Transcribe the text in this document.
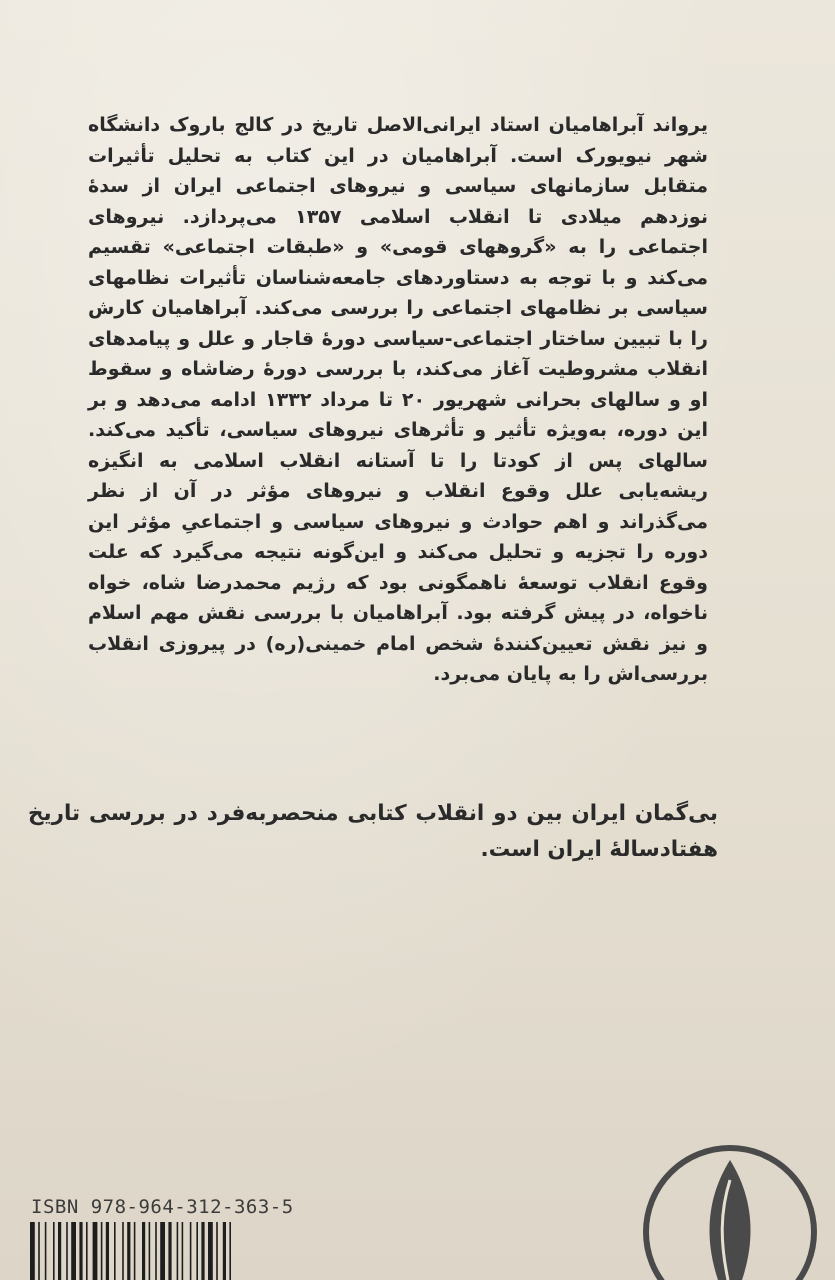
یرواند آبراهامیان استاد ایرانی‌الاصل تاریخ در کالج باروک دانشگاه شهر نیویورک است. آبراهامیان در این کتاب به تحلیل تأثیرات متقابل سازمانهای سیاسی و نیروهای اجتماعی ایران از سدهٔ نوزدهم میلادی تا انقلاب اسلامی ۱۳۵۷ می‌پردازد. نیروهای اجتماعی را به «گروههای قومی» و «طبقات اجتماعی» تقسیم می‌کند و با توجه به دستاوردهای جامعه‌شناسان تأثیرات نظامهای سیاسی بر نظامهای اجتماعی را بررسی می‌کند. آبراهامیان کارش را با تبیین ساختار اجتماعی-سیاسی دورهٔ قاجار و علل و پیامدهای انقلاب مشروطیت آغاز می‌کند، با بررسی دورهٔ رضاشاه و سقوط او و سالهای بحرانی شهریور ۲۰ تا مرداد ۱۳۳۲ ادامه می‌دهد و بر این دوره، به‌ویژه تأثیر و تأثرهای نیروهای سیاسی، تأکید می‌کند. سالهای پس از کودتا را تا آستانه انقلاب اسلامی به انگیزه ریشه‌یابی علل وقوع انقلاب و نیروهای مؤثر در آن از نظر می‌گذراند و اهم حوادث و نیروهای سیاسی و اجتماعیِ مؤثر این دوره را تجزیه و تحلیل می‌کند و این‌گونه نتیجه می‌گیرد که علت وقوع انقلاب توسعهٔ ناهمگونی بود که رژیم محمدرضا شاه، خواه ناخواه، در پیش گرفته بود. آبراهامیان با بررسی نقش مهم اسلام و نیز نقش تعیین‌کنندهٔ شخص امام خمینی(ره) در پیروزی انقلاب بررسی‌اش را به پایان می‌برد.

بی‌گمان ایران بین دو انقلاب کتابی منحصربه‌فرد در بررسی تاریخ هفتادسالهٔ ایران است.

ISBN 978-964-312-363-5
